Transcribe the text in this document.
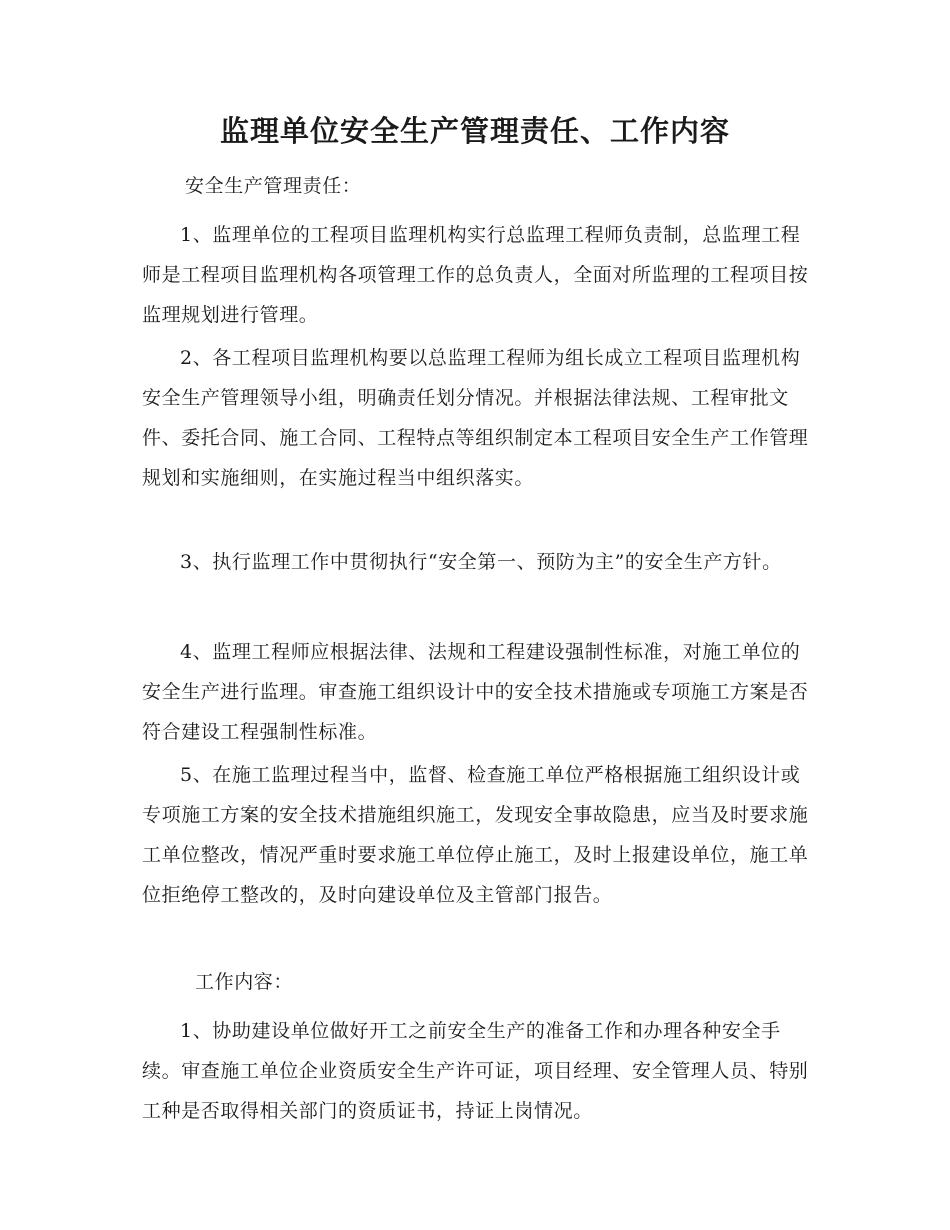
监理单位安全生产管理责任、工作内容

安全生产管理责任：

1、监理单位的工程项目监理机构实行总监理工程师负责制，总监理工程师是工程项目监理机构各项管理工作的总负责人，全面对所监理的工程项目按监理规划进行管理。

2、各工程项目监理机构要以总监理工程师为组长成立工程项目监理机构安全生产管理领导小组，明确责任划分情况。并根据法律法规、工程审批文件、委托合同、施工合同、工程特点等组织制定本工程项目安全生产工作管理规划和实施细则，在实施过程当中组织落实。

3、执行监理工作中贯彻执行“安全第一、预防为主”的安全生产方针。

4、监理工程师应根据法律、法规和工程建设强制性标准，对施工单位的安全生产进行监理。审查施工组织设计中的安全技术措施或专项施工方案是否符合建设工程强制性标准。

5、在施工监理过程当中，监督、检查施工单位严格根据施工组织设计或专项施工方案的安全技术措施组织施工，发现安全事故隐患，应当及时要求施工单位整改，情况严重时要求施工单位停止施工，及时上报建设单位，施工单位拒绝停工整改的，及时向建设单位及主管部门报告。

工作内容：

1、协助建设单位做好开工之前安全生产的准备工作和办理各种安全手续。审查施工单位企业资质安全生产许可证，项目经理、安全管理人员、特别工种是否取得相关部门的资质证书，持证上岗情况。
